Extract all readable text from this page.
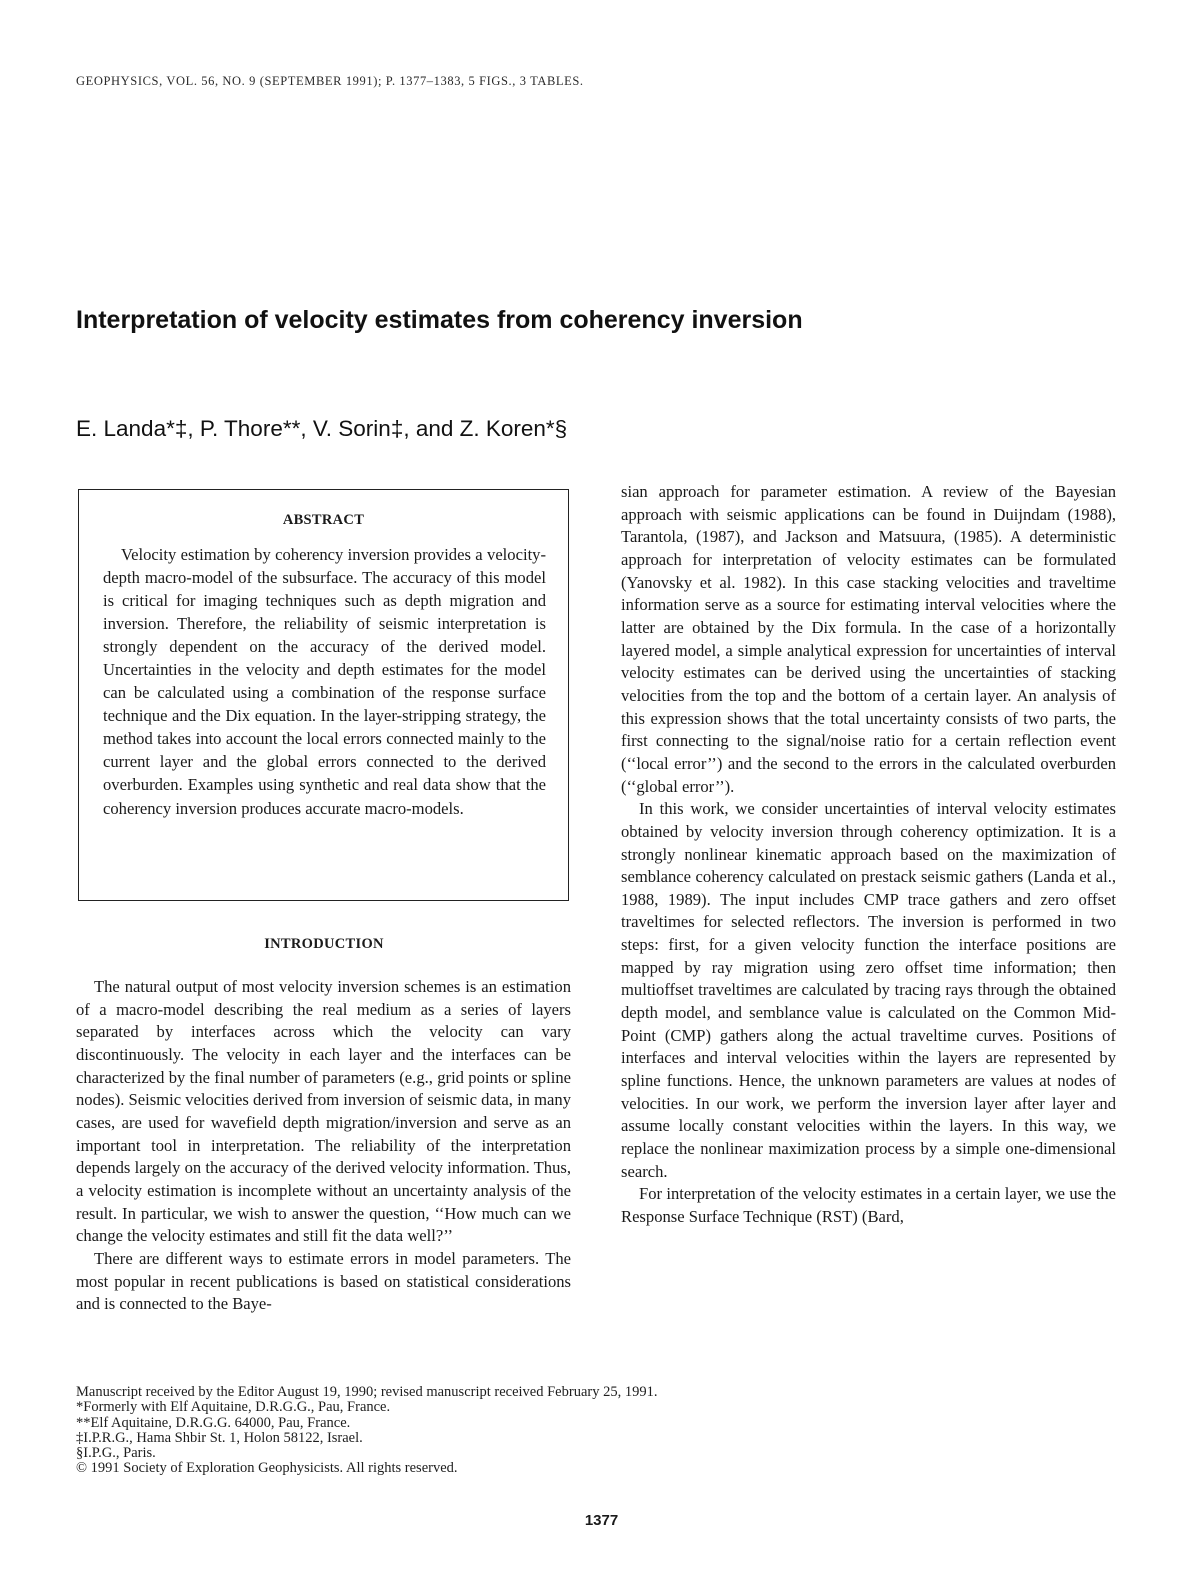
GEOPHYSICS, VOL. 56, NO. 9 (SEPTEMBER 1991); P. 1377–1383, 5 FIGS., 3 TABLES.
Interpretation of velocity estimates from coherency inversion
E. Landa*‡, P. Thore**, V. Sorin‡, and Z. Koren*§
ABSTRACT

Velocity estimation by coherency inversion provides a velocity-depth macro-model of the subsurface. The accuracy of this model is critical for imaging techniques such as depth migration and inversion. Therefore, the reliability of seismic interpretation is strongly dependent on the accuracy of the derived model. Uncertainties in the velocity and depth estimates for the model can be calculated using a combination of the response surface technique and the Dix equation. In the layer-stripping strategy, the method takes into account the local errors connected mainly to the current layer and the global errors connected to the derived overburden. Examples using synthetic and real data show that the coherency inversion produces accurate macro-models.

INTRODUCTION

The natural output of most velocity inversion schemes is an estimation of a macro-model describing the real medium as a series of layers separated by interfaces across which the velocity can vary discontinuously. The velocity in each layer and the interfaces can be characterized by the final number of parameters (e.g., grid points or spline nodes). Seismic velocities derived from inversion of seismic data, in many cases, are used for wavefield depth migration/inversion and serve as an important tool in interpretation. The reliability of the interpretation depends largely on the accuracy of the derived velocity information. Thus, a velocity estimation is incomplete without an uncertainty analysis of the result. In particular, we wish to answer the question, ‘‘How much can we change the velocity estimates and still fit the data well?’’

There are different ways to estimate errors in model parameters. The most popular in recent publications is based on statistical considerations and is connected to the Baye-

sian approach for parameter estimation. A review of the Bayesian approach with seismic applications can be found in Duijndam (1988), Tarantola, (1987), and Jackson and Matsuura, (1985). A deterministic approach for interpretation of velocity estimates can be formulated (Yanovsky et al. 1982). In this case stacking velocities and traveltime information serve as a source for estimating interval velocities where the latter are obtained by the Dix formula. In the case of a horizontally layered model, a simple analytical expression for uncertainties of interval velocity estimates can be derived using the uncertainties of stacking velocities from the top and the bottom of a certain layer. An analysis of this expression shows that the total uncertainty consists of two parts, the first connecting to the signal/noise ratio for a certain reflection event (‘‘local error’’) and the second to the errors in the calculated overburden (‘‘global error’’).

In this work, we consider uncertainties of interval velocity estimates obtained by velocity inversion through coherency optimization. It is a strongly nonlinear kinematic approach based on the maximization of semblance coherency calculated on prestack seismic gathers (Landa et al., 1988, 1989). The input includes CMP trace gathers and zero offset traveltimes for selected reflectors. The inversion is performed in two steps: first, for a given velocity function the interface positions are mapped by ray migration using zero offset time information; then multioffset traveltimes are calculated by tracing rays through the obtained depth model, and semblance value is calculated on the Common Mid-Point (CMP) gathers along the actual traveltime curves. Positions of interfaces and interval velocities within the layers are represented by spline functions. Hence, the unknown parameters are values at nodes of velocities. In our work, we perform the inversion layer after layer and assume locally constant velocities within the layers. In this way, we replace the nonlinear maximization process by a simple one-dimensional search.

For interpretation of the velocity estimates in a certain layer, we use the Response Surface Technique (RST) (Bard,

Manuscript received by the Editor August 19, 1990; revised manuscript received February 25, 1991.
*Formerly with Elf Aquitaine, D.R.G.G., Pau, France.
**Elf Aquitaine, D.R.G.G. 64000, Pau, France.
‡I.P.R.G., Hama Shbir St. 1, Holon 58122, Israel.
§I.P.G., Paris.
© 1991 Society of Exploration Geophysicists. All rights reserved.
1377
